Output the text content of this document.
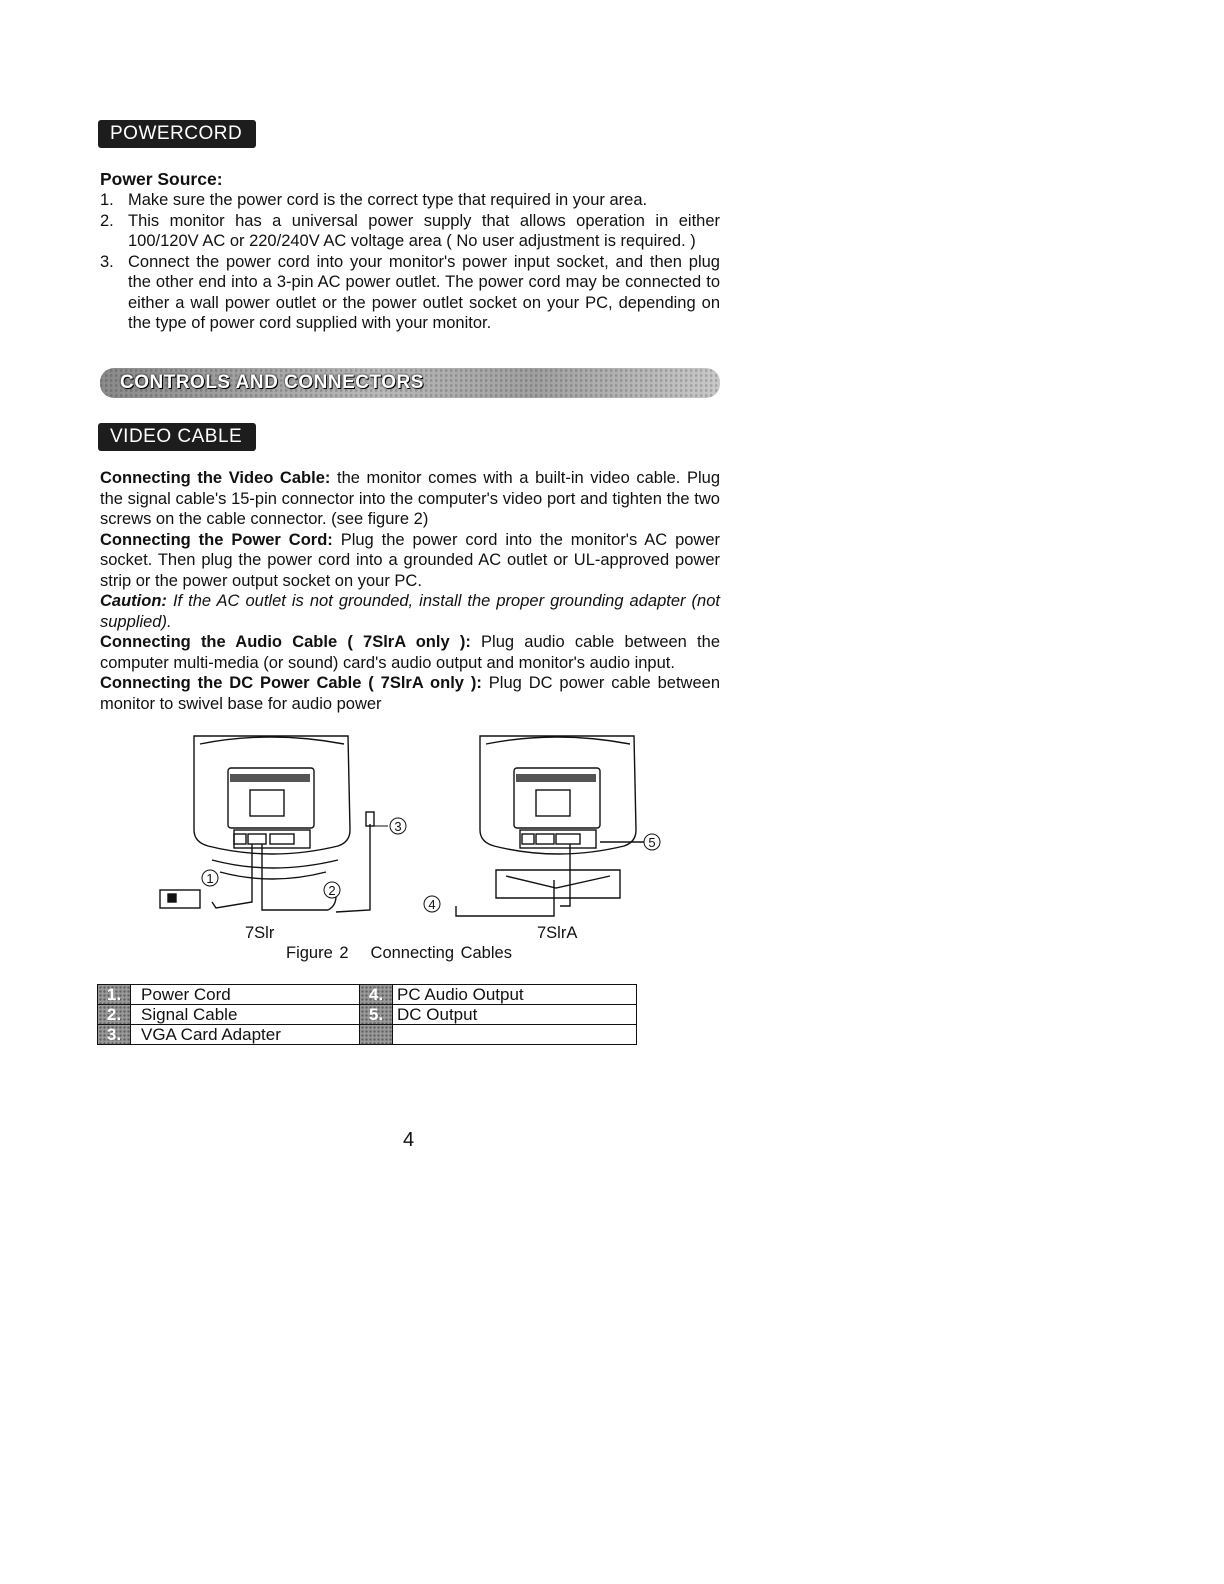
POWERCORD
Power Source:
1. Make sure the power cord is the correct type that required in your area.
2. This monitor has a universal power supply that allows operation in either 100/120V AC or 220/240V AC voltage area ( No user adjustment is required. )
3. Connect the power cord into your monitor's power input socket, and then plug the other end into a 3-pin AC power outlet. The power cord may be connected to either a wall power outlet or the power outlet socket on your PC, depending on the type of power cord supplied with your monitor.
CONTROLS AND CONNECTORS
VIDEO CABLE

Connecting the Video Cable: the monitor comes with a built-in video cable. Plug the signal cable's 15-pin connector into the computer's video port and tighten the two screws on the cable connector. (see figure 2)

Connecting the Power Cord: Plug the power cord into the monitor's AC power socket. Then plug the power cord into a grounded AC outlet or UL-approved power strip or the power output socket on your PC.

Caution: If the AC outlet is not grounded, install the proper grounding adapter (not supplied).

Connecting the Audio Cable ( 7SlrA only ): Plug audio cable between the computer multi-media (or sound) card's audio output and monitor's audio input.

Connecting the DC Power Cable ( 7SlrA only ): Plug DC power cable between monitor to swivel base for audio power

1
2
3
4
5
7Slr	7SlrA
Figure 2 Connecting Cables
1.	Power Cord	4.	PC Audio Output
2.	Signal Cable	5.	DC Output
3.	VGA Card Adapter		
4
